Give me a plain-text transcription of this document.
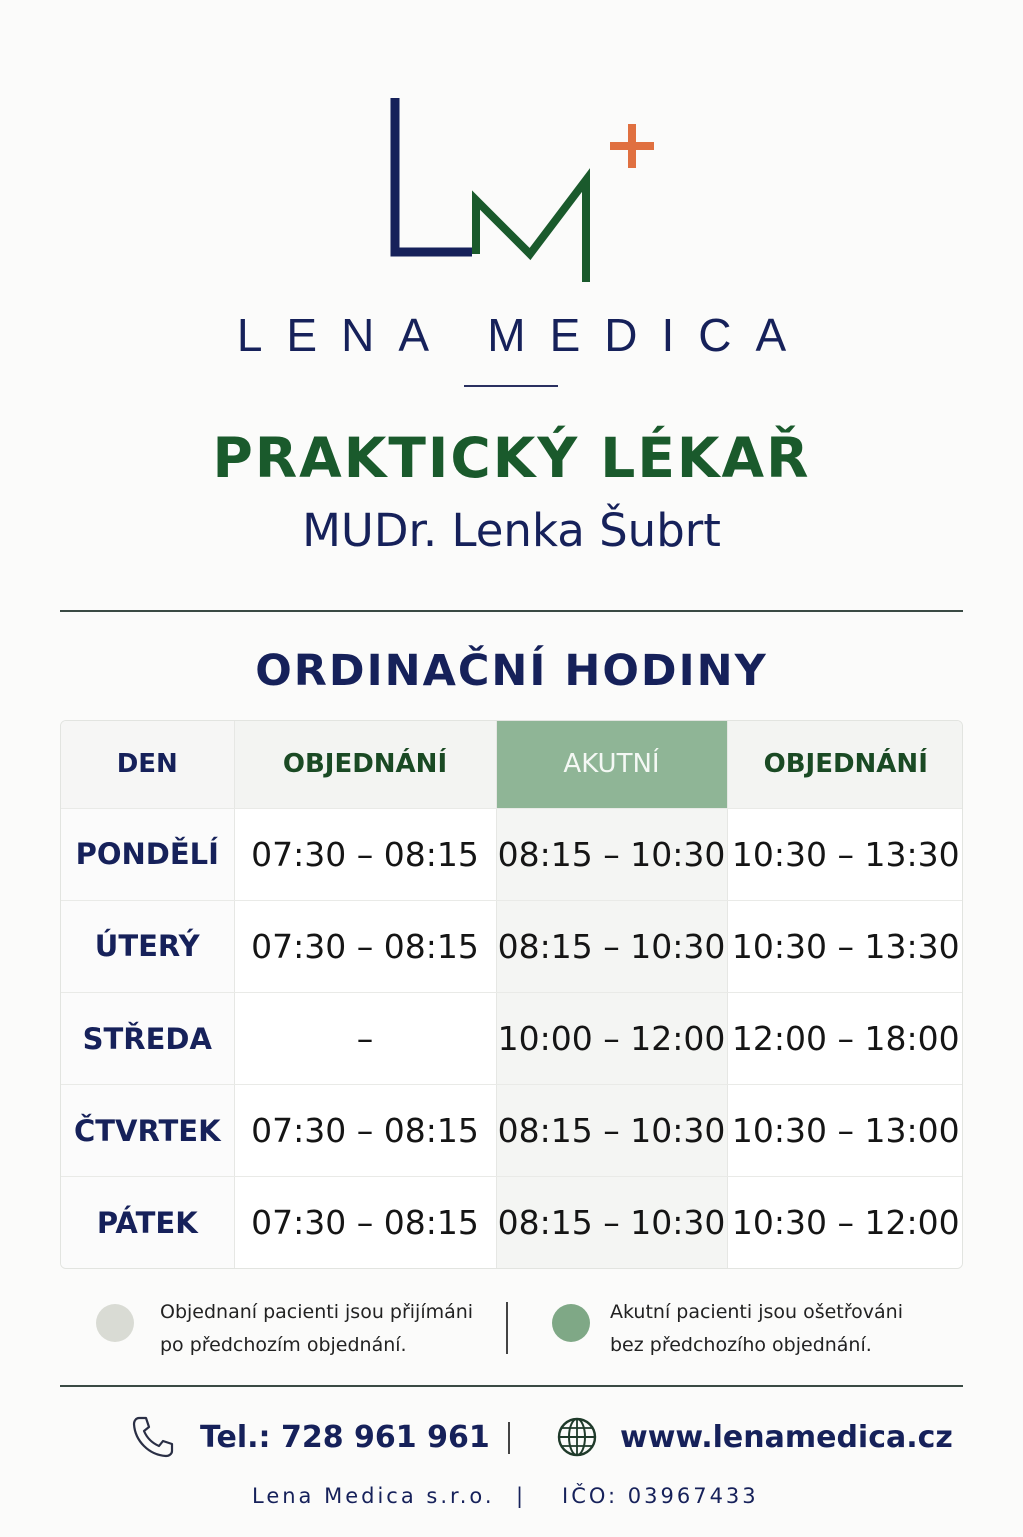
LENA MEDICA
PRAKTICKÝ LÉKAŘ
MUDr. Lenka Šubrt
ORDINAČNÍ HODINY
DEN	OBJEDNÁNÍ	AKUTNÍ	OBJEDNÁNÍ
PONDĚLÍ	07:30 – 08:15	08:15 – 10:30	10:30 – 13:30
ÚTERÝ	07:30 – 08:15	08:15 – 10:30	10:30 – 13:30
STŘEDA	–	10:00 – 12:00	12:00 – 18:00
ČTVRTEK	07:30 – 08:15	08:15 – 10:30	10:30 – 13:00
PÁTEK	07:30 – 08:15	08:15 – 10:30	10:30 – 12:00
Objednaní pacienti jsou přijímáni
po předchozím objednání.
Akutní pacienti jsou ošetřováni
bez předchozího objednání.
Tel.: 728 961 961	www.lenamedica.cz
Lena Medica s.r.o. | IČO: 03967433
